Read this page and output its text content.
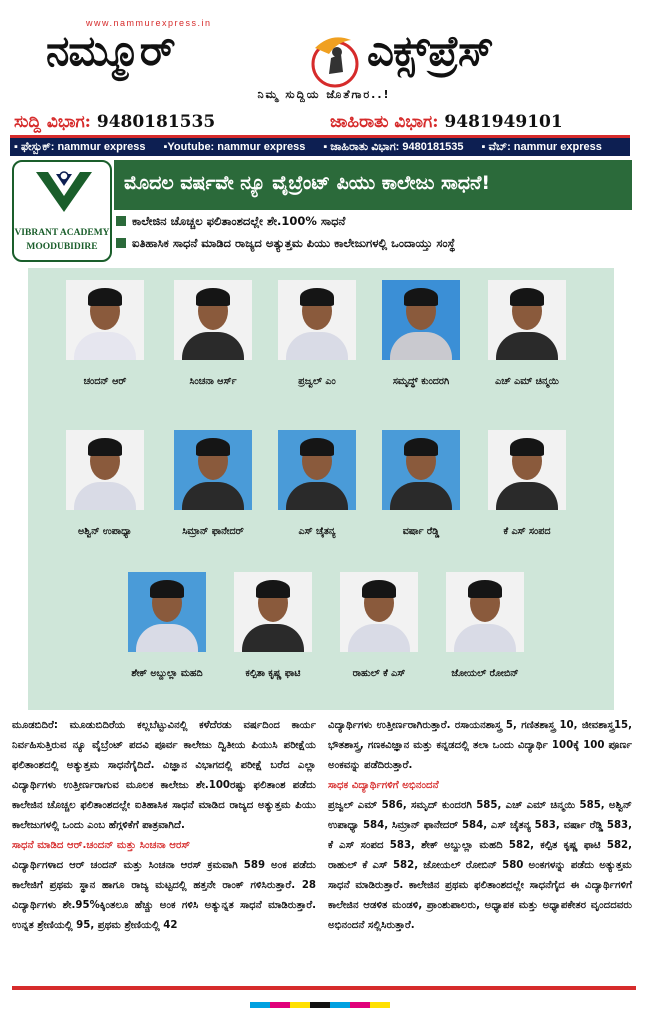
www.nammurexpress.in
ನಮ್ಮೂರ್	ಎಕ್ಸ್‌ಪ್ರೆಸ್
ನಿಮ್ಮ ಸುದ್ದಿಯ ಜೊತೆಗಾರ..!
ಸುದ್ದಿ ವಿಭಾಗ: 9480181535	ಜಾಹಿರಾತು ವಿಭಾಗ: 9481949101
▪ ಫೇಸ್ಬುಕ್: nammur express ▪Youtube: nammur express ▪ ಜಾಹಿರಾತು ವಿಭಾಗ: 9480181535 ▪ ವೆಬ್: nammur express
VIBRANT ACADEMY
MOODUBIDIRE
ಮೊದಲ ವರ್ಷವೇ ನ್ಯೂ ವೈಬ್ರೆಂಟ್ ಪಿಯು ಕಾಲೇಜು ಸಾಧನೆ!
ಕಾಲೇಜಿನ ಚೊಚ್ಚಲ ಫಲಿತಾಂಶದಲ್ಲೇ ಶೇ.100% ಸಾಧನೆ
ಐತಿಹಾಸಿಕ ಸಾಧನೆ ಮಾಡಿದ ರಾಜ್ಯದ ಅತ್ಯುತ್ತಮ ಪಿಯು ಕಾಲೇಜುಗಳಲ್ಲಿ ಒಂದಾಯ್ತು ಸಂಸ್ಥೆ
ಚಂದನ್ ಆರ್	ಸಿಂಚನಾ ಆರ್ಸ್	ಪ್ರಜ್ವಲ್ ಎಂ	ಸಮೃದ್ಧ್ ಕುಂದರಗಿ	ಎಚ್ ಎಮ್ ಚಿನ್ಮಯಿ
ಅಶ್ವಿನ್ ಉಪಾಧ್ಯಾ	ಸಿಮ್ರಾನ್ ಫಾನೇದರ್	ಎಸ್ ಚೈತನ್ಯ	ವರ್ಷಾ ರೆಡ್ಡಿ	ಕೆ ಎಸ್ ಸಂಪದ
ಶೇಕ್ ಅಬ್ದುಲ್ಲಾ ಮಹದಿ	ಕಲ್ಪಿತಾ ಕೃಷ್ಣ ಫಾಟಿ	ರಾಹುಲ್ ಕೆ ಎಸ್	ಜೋಯಲ್ ರೋಬಿನ್

ಮೂಡಬಿದಿರೆ: ಮೂಡುಬಿದಿರೆಯ ಕಲ್ಲಬೆಟ್ಟುವಿನಲ್ಲಿ ಕಳೆದೆರಡು ವರ್ಷದಿಂದ ಕಾರ್ಯ ನಿರ್ವಹಿಸುತ್ತಿರುವ ನ್ಯೂ ವೈಬ್ರೆಂಟ್ ಪದವಿ ಪೂರ್ವ ಕಾಲೇಜು ದ್ವಿತೀಯ ಪಿಯುಸಿ ಪರೀಕ್ಷೆಯ ಫಲಿತಾಂಶದಲ್ಲಿ ಅತ್ಯುತ್ತಮ ಸಾಧನೆಗೈದಿದೆ. ವಿಜ್ಞಾನ ವಿಭಾಗದಲ್ಲಿ ಪರೀಕ್ಷೆ ಬರೆದ ಎಲ್ಲಾ ವಿದ್ಯಾರ್ಥಿಗಳು ಉತ್ತೀರ್ಣರಾಗುವ ಮೂಲಕ ಕಾಲೇಜು ಶೇ.100ರಷ್ಟು ಫಲಿತಾಂಶ ಪಡೆದು ಕಾಲೇಜಿನ ಚೊಚ್ಚಲ ಫಲಿತಾಂಶದಲ್ಲೇ ಐತಿಹಾಸಿಕ ಸಾಧನೆ ಮಾಡಿದ ರಾಜ್ಯದ ಅತ್ಯುತ್ತಮ ಪಿಯು ಕಾಲೇಜುಗಳಲ್ಲಿ ಒಂದು ಎಂಬ ಹೆಗ್ಗಳಿಕೆಗೆ ಪಾತ್ರವಾಗಿದೆ.

ಸಾಧನೆ ಮಾಡಿದ ಆರ್.ಚಂದನ್ ಮತ್ತು ಸಿಂಚನಾ ಆರಸ್

ವಿದ್ಯಾರ್ಥಿಗಳಾದ ಆರ್ ಚಂದನ್ ಮತ್ತು ಸಿಂಚನಾ ಆರಸ್ ಕ್ರಮವಾಗಿ 589 ಅಂಕ ಪಡೆದು ಕಾಲೇಜಿಗೆ ಪ್ರಥಮ ಸ್ಥಾನ ಹಾಗೂ ರಾಜ್ಯ ಮಟ್ಟದಲ್ಲಿ ಹತ್ತನೇ ರಾಂಕ್ ಗಳಿಸಿರುತ್ತಾರೆ. 28 ವಿದ್ಯಾರ್ಥಿಗಳು ಶೇ.95%ಕ್ಕಿಂತಲೂ ಹೆಚ್ಚು ಅಂಕ ಗಳಿಸಿ ಅತ್ಯುನ್ನತ ಸಾಧನೆ ಮಾಡಿರುತ್ತಾರೆ. ಉನ್ನತ ಶ್ರೇಣಿಯಲ್ಲಿ 95, ಪ್ರಥಮ ಶ್ರೇಣಿಯಲ್ಲಿ 42

ವಿದ್ಯಾರ್ಥಿಗಳು ಉತ್ತೀರ್ಣರಾಗಿರುತ್ತಾರೆ. ರಸಾಯನಶಾಸ್ತ್ರ 5, ಗಣಿತಶಾಸ್ತ್ರ 10, ಜೀವಶಾಸ್ತ್ರ15, ಭೌತಶಾಸ್ತ್ರ, ಗಣಕವಿಜ್ಞಾನ ಮತ್ತು ಕನ್ನಡದಲ್ಲಿ ತಲಾ ಒಂದು ವಿದ್ಯಾರ್ಥಿ 100ಕ್ಕೆ 100 ಪೂರ್ಣ ಅಂಕವನ್ನು ಪಡೆದಿರುತ್ತಾರೆ.

ಸಾಧಕ ವಿದ್ಯಾರ್ಥಿಗಳಿಗೆ ಅಭಿನಂದನೆ

ಪ್ರಜ್ವಲ್ ಎಮ್ 586, ಸಮೃದ್ ಕುಂದರಗಿ 585, ಎಚ್ ಎಮ್ ಚಿನ್ಮಯಿ 585, ಅಶ್ವಿನ್ ಉಪಾಧ್ಯಾ 584, ಸಿಮ್ರಾನ್ ಫಾನೇದರ್ 584, ಎಸ್ ಚೈತನ್ಯ 583, ವರ್ಷಾ ರೆಡ್ಡಿ 583, ಕೆ ಎಸ್ ಸಂಪದ 583, ಶೇಕ್ ಅಬ್ದುಲ್ಲಾ ಮಹದಿ 582, ಕಲ್ಪಿತ ಕೃಷ್ಣ ಫಾಟಿ 582, ರಾಹುಲ್ ಕೆ ಎಸ್ 582, ಜೋಯಲ್ ರೋಬಿನ್ 580 ಅಂಕಗಳನ್ನು ಪಡೆದು ಅತ್ಯುತ್ತಮ ಸಾಧನೆ ಮಾಡಿರುತ್ತಾರೆ. ಕಾಲೇಜಿನ ಪ್ರಥಮ ಫಲಿತಾಂಶದಲ್ಲೇ ಸಾಧನೆಗೈದ ಈ ವಿದ್ಯಾರ್ಥಿಗಳಿಗೆ ಕಾಲೇಜಿನ ಆಡಳಿತ ಮಂಡಳಿ, ಪ್ರಾಂಶುಪಾಲರು, ಅಧ್ಯಾಪಕ ಮತ್ತು ಅಧ್ಯಾಪಕೇತರ ವೃಂದದವರು ಅಭಿನಂದನೆ ಸಲ್ಲಿಸಿರುತ್ತಾರೆ.
